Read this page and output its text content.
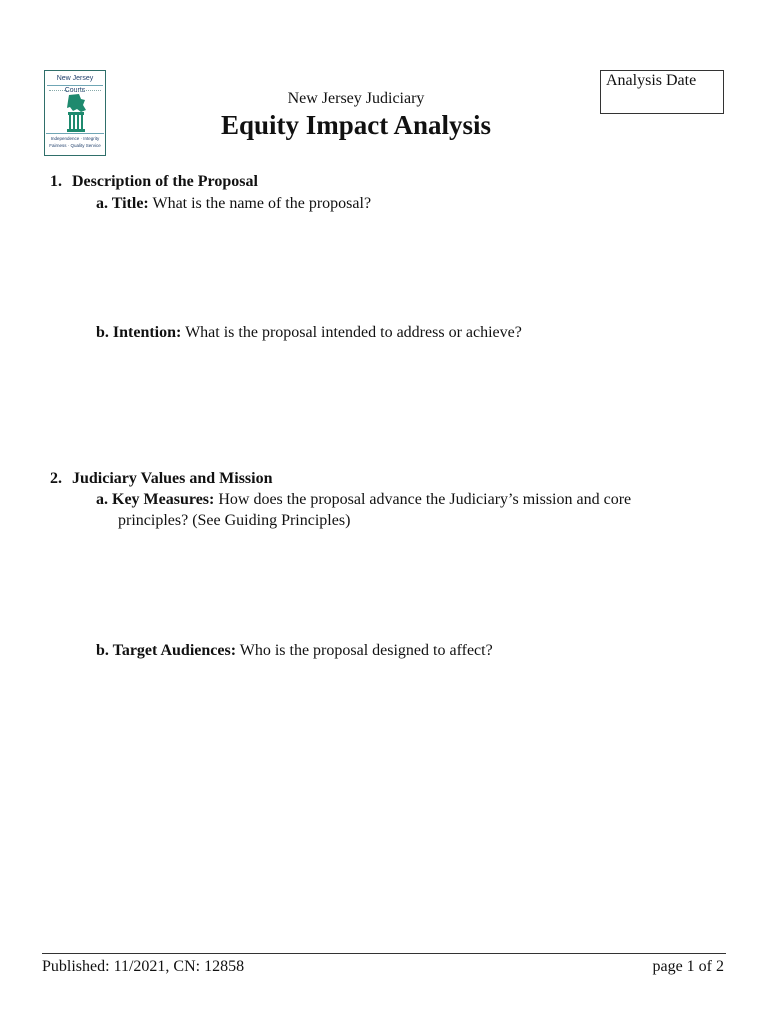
New Jersey Courts
Independence · Integrity
Fairness · Quality Service
Analysis Date
New Jersey Judiciary
Equity Impact Analysis
1. Description of the Proposal
a. Title: What is the name of the proposal?
b. Intention: What is the proposal intended to address or achieve?
2. Judiciary Values and Mission
a. Key Measures: How does the proposal advance the Judiciary’s mission and core
principles? (See Guiding Principles)
b. Target Audiences: Who is the proposal designed to affect?
Published: 11/2021, CN: 12858	page 1 of 2
